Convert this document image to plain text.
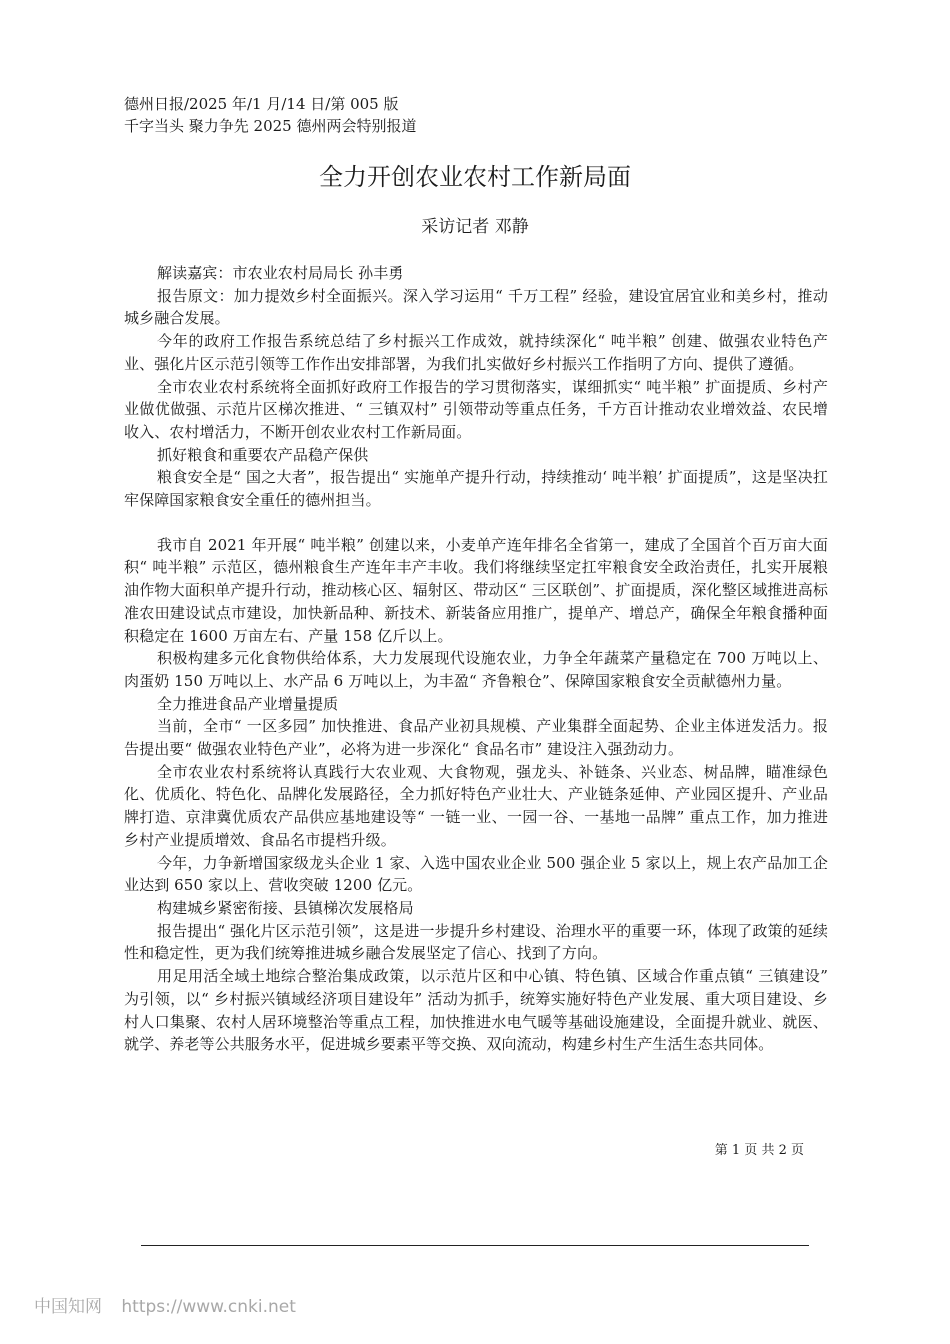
德州日报/2025 年/1 月/14 日/第 005 版
千字当头 聚力争先 2025 德州两会特别报道
全力开创农业农村工作新局面
采访记者 邓静

解读嘉宾：市农业农村局局长 孙丰勇

报告原文：加力提效乡村全面振兴。深入学习运用“ 千万工程” 经验，建设宜居宜业和美乡村，推动城乡融合发展。

今年的政府工作报告系统总结了乡村振兴工作成效，就持续深化“ 吨半粮” 创建、做强农业特色产业、强化片区示范引领等工作作出安排部署，为我们扎实做好乡村振兴工作指明了方向、提供了遵循。

全市农业农村系统将全面抓好政府工作报告的学习贯彻落实，谋细抓实“ 吨半粮” 扩面提质、乡村产业做优做强、示范片区梯次推进、“ 三镇双村” 引领带动等重点任务，千方百计推动农业增效益、农民增收入、农村增活力，不断开创农业农村工作新局面。

抓好粮食和重要农产品稳产保供

粮食安全是“ 国之大者”，报告提出“ 实施单产提升行动，持续推动‘ 吨半粮’ 扩面提质”，这是坚决扛牢保障国家粮食安全重任的德州担当。

我市自 2021 年开展“ 吨半粮” 创建以来，小麦单产连年排名全省第一，建成了全国首个百万亩大面积“ 吨半粮” 示范区，德州粮食生产连年丰产丰收。我们将继续坚定扛牢粮食安全政治责任，扎实开展粮油作物大面积单产提升行动，推动核心区、辐射区、带动区“ 三区联创”、扩面提质，深化整区域推进高标准农田建设试点市建设，加快新品种、新技术、新装备应用推广，提单产、增总产，确保全年粮食播种面积稳定在 1600 万亩左右、产量 158 亿斤以上。

积极构建多元化食物供给体系，大力发展现代设施农业，力争全年蔬菜产量稳定在 700 万吨以上、肉蛋奶 150 万吨以上、水产品 6 万吨以上，为丰盈“ 齐鲁粮仓”、保障国家粮食安全贡献德州力量。

全力推进食品产业增量提质

当前，全市“ 一区多园” 加快推进、食品产业初具规模、产业集群全面起势、企业主体迸发活力。报告提出要“ 做强农业特色产业”，必将为进一步深化“ 食品名市” 建设注入强劲动力。

全市农业农村系统将认真践行大农业观、大食物观，强龙头、补链条、兴业态、树品牌，瞄准绿色化、优质化、特色化、品牌化发展路径，全力抓好特色产业壮大、产业链条延伸、产业园区提升、产业品牌打造、京津冀优质农产品供应基地建设等“ 一链一业、一园一谷、一基地一品牌” 重点工作，加力推进乡村产业提质增效、食品名市提档升级。

今年，力争新增国家级龙头企业 1 家、入选中国农业企业 500 强企业 5 家以上，规上农产品加工企业达到 650 家以上、营收突破 1200 亿元。

构建城乡紧密衔接、县镇梯次发展格局

报告提出“ 强化片区示范引领”，这是进一步提升乡村建设、治理水平的重要一环，体现了政策的延续性和稳定性，更为我们统筹推进城乡融合发展坚定了信心、找到了方向。

用足用活全域土地综合整治集成政策，以示范片区和中心镇、特色镇、区域合作重点镇“ 三镇建设” 为引领，以“ 乡村振兴镇域经济项目建设年” 活动为抓手，统筹实施好特色产业发展、重大项目建设、乡村人口集聚、农村人居环境整治等重点工程，加快推进水电气暖等基础设施建设，全面提升就业、就医、就学、养老等公共服务水平，促进城乡要素平等交换、双向流动，构建乡村生产生活生态共同体。

第 1 页 共 2 页
中国知网 https://www.cnki.net
